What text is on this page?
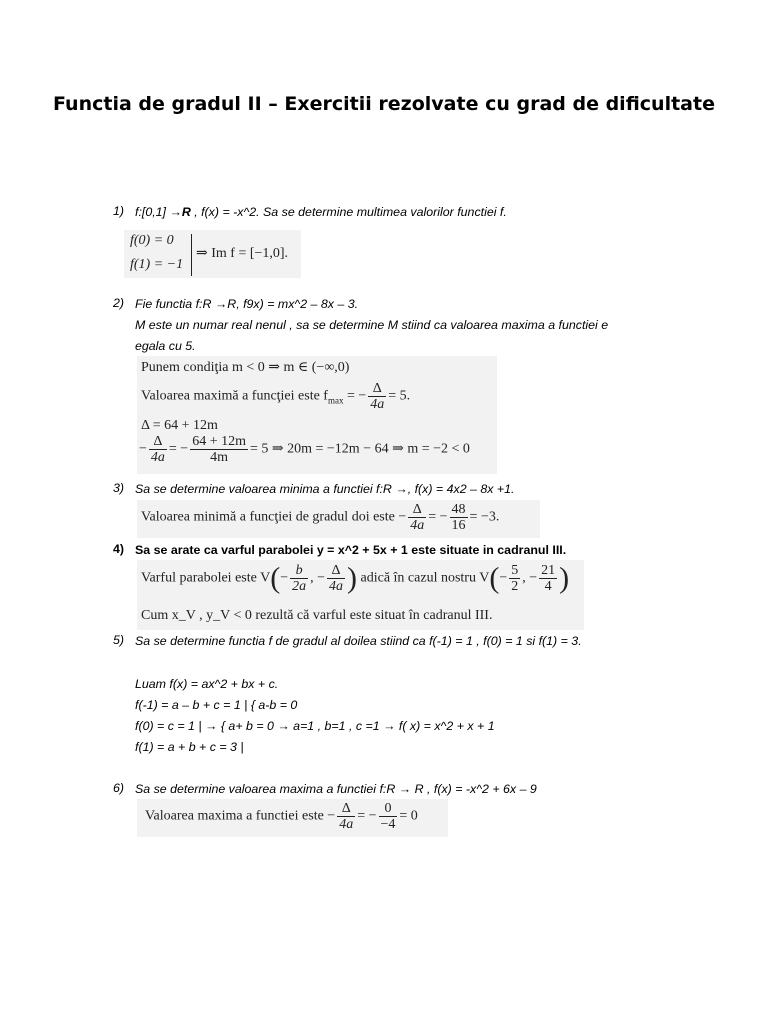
Functia de gradul II – Exercitii rezolvate cu grad de dificultate
1) f:[0,1] →R , f(x) = -x^2. Sa se determine multimea valorilor functiei f.
f(0) = 0
f(1) = −1
⇒ Im f = [−1,0].
2) Fie functia f:R →R, f9x) = mx^2 – 8x – 3.
M este un numar real nenul , sa se determine M stiind ca valoarea maxima a functiei e
egala cu 5.
Punem condiţia m < 0 ⇒ m ∈ (−∞,0)
Valoarea maximă a funcţiei este $f_{max}$ = − $\frac{\Delta}{4a} = 5$.
Δ = 64 + 12m
− $\frac{\Delta}{4a}$ = − $\frac{64 + 12m}{4m} = 5$ ⇒ 20m = −12m − 64 ⇒ m = −2 < 0
3) Sa se determine valoarea minima a functiei f:R →, f(x) = 4x2 – 8x +1.
Valoarea minimă a funcţiei de gradul doi este − $\frac{\Delta}{4a}$ = − $\frac{48}{16} = -3$.
4) Sa se arate ca varful parabolei y = x^2 + 5x + 1 este situate in cadranul III.
Varful parabolei este $V(- \frac{b}{2a}$ , − $\frac{\Delta}{4a}$ ) adică în cazul nostru $V(- \frac{5}{2}$ , − $\frac{21}{4}$ )
Cum x_V , y_V < 0 rezultă că varful este situat în cadranul III.
5) Sa se determine functia f de gradul al doilea stiind ca f(-1) = 1 , f(0) = 1 si f(1) = 3.
Luam f(x) = ax^2 + bx + c.
f(-1) = a – b + c = 1 | { a-b = 0
f(0) = c = 1 | → { a+ b = 0 → a=1 , b=1 , c =1 → f( x) = x^2 + x + 1
f(1) = a + b + c = 3 |
6) Sa se determine valoarea maxima a functiei f:R → R , f(x) = -x^2 + 6x – 9
Valoarea maxima a functiei este − $\frac{\Delta}{4a}$ = − $\frac{0}{-4} = 0$
